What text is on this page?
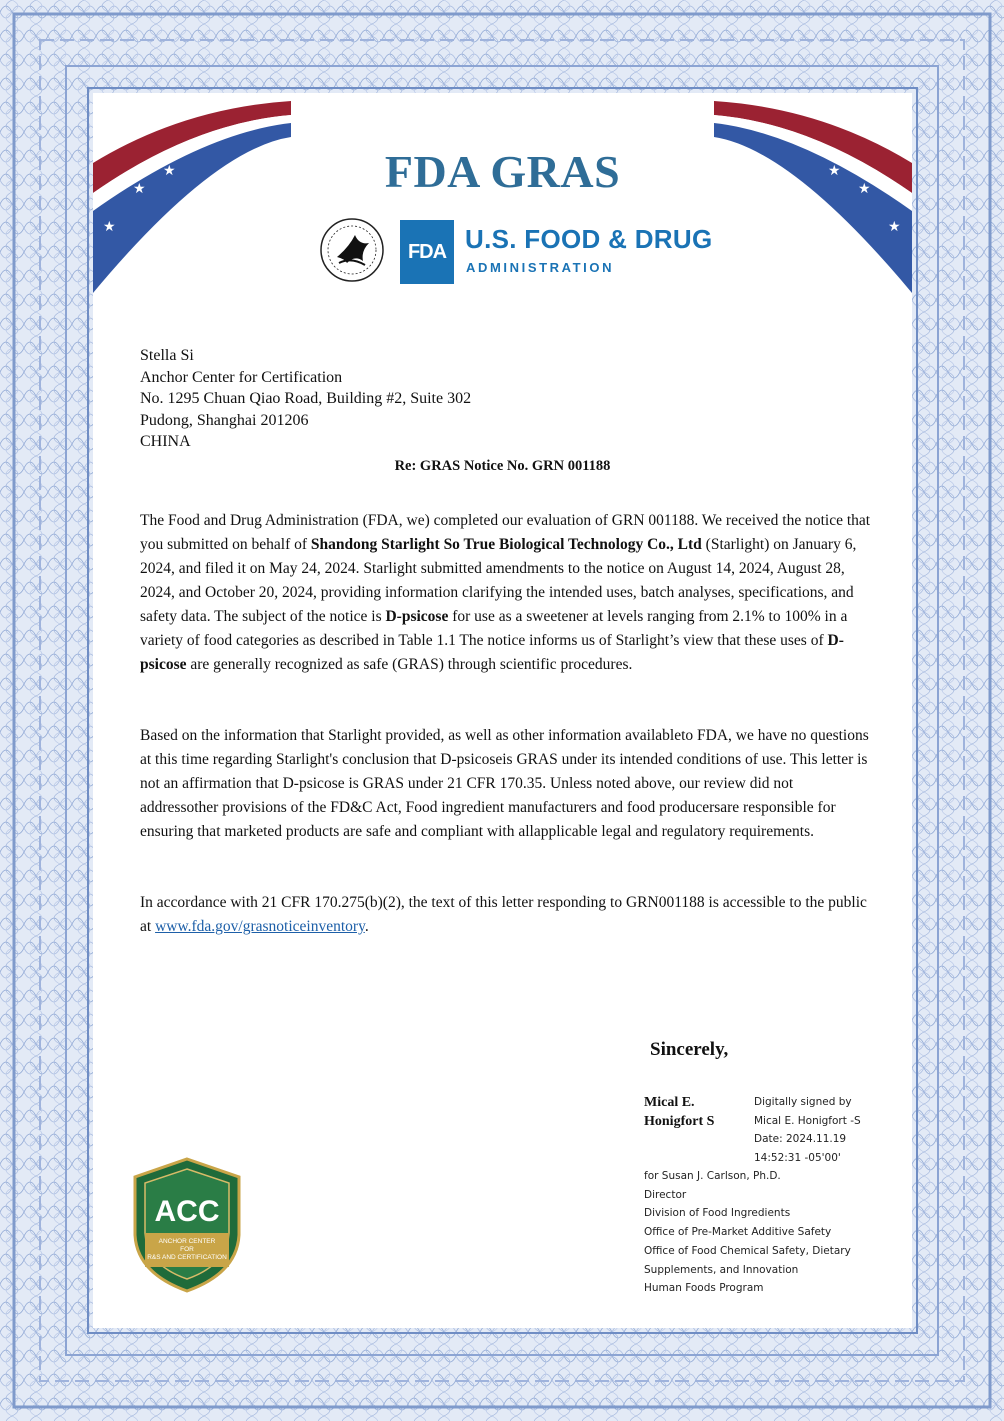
★
★
★
★
★
★
FDA GRAS
FDA U.S. FOOD & DRUG
ADMINISTRATION
Stella Si
Anchor Center for Certification
No. 1295 Chuan Qiao Road, Building #2, Suite 302
Pudong, Shanghai 201206
CHINA
Re: GRAS Notice No. GRN 001188

The Food and Drug Administration (FDA, we) completed our evaluation of GRN 001188. We received the notice that you submitted on behalf of Shandong Starlight So True Biological Technology Co., Ltd (Starlight) on January 6, 2024, and filed it on May 24, 2024. Starlight submitted amendments to the notice on August 14, 2024, August 28, 2024, and October 20, 2024, providing information clarifying the intended uses, batch analyses, specifications, and safety data. The subject of the notice is D-psicose for use as a sweetener at levels ranging from 2.1% to 100% in a variety of food categories as described in Table 1.1 The notice informs us of Starlight’s view that these uses of D-psicose are generally recognized as safe (GRAS) through scientific procedures.

Based on the information that Starlight provided, as well as other information availableto FDA, we have no questions at this time regarding Starlight's conclusion that D-psicoseis GRAS under its intended conditions of use. This letter is not an affirmation that D-psicose is GRAS under 21 CFR 170.35. Unless noted above, our review did not addressother provisions of the FD&C Act, Food ingredient manufacturers and food producersare responsible for ensuring that marketed products are safe and compliant with allapplicable legal and regulatory requirements.

In accordance with 21 CFR 170.275(b)(2), the text of this letter responding to GRN001188 is accessible to the public at www.fda.gov/grasnoticeinventory.

Sincerely,
Mical E.
Honigfort S
Digitally signed by
Mical E. Honigfort -S
Date: 2024.11.19
14:52:31 -05'00'
for Susan J. Carlson, Ph.D.
Director
Division of Food Ingredients
Office of Pre-Market Additive Safety
Office of Food Chemical Safety, Dietary
Supplements, and Innovation
Human Foods Program
ACC
ANCHOR CENTER
FOR
R&S AND CERTIFICATION
